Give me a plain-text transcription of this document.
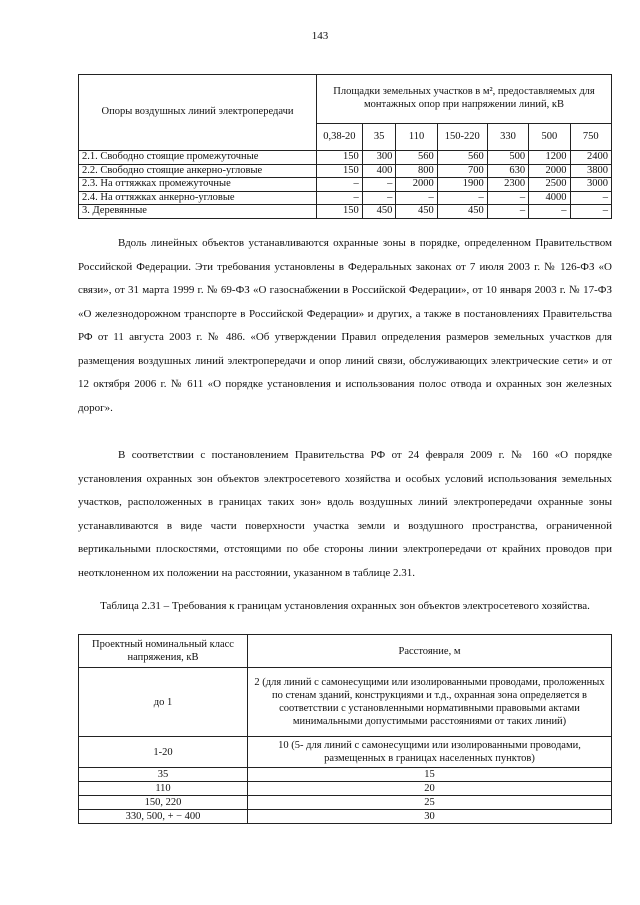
143
Опоры воздушных линий электропередачи	Площадки земельных участков в м², предоставляемых для монтажных опор при напряжении линий, кВ						
	0,38-20	35	110	150-220	330	500	750
2.1. Свободно стоящие промежуточные	150	300	560	560	500	1200	2400
2.2. Свободно стоящие анкерно-угловые	150	400	800	700	630	2000	3800
2.3. На оттяжках промежуточные	–	–	2000	1900	2300	2500	3000
2.4. На оттяжках анкерно-угловые	–	–	–	–	–	4000	–
3. Деревянные	150	450	450	450	–	–	–

Вдоль линейных объектов устанавливаются охранные зоны в порядке, определенном Правительством Российской Федерации. Эти требования установлены в Федеральных законах от 7 июля 2003 г. № 126-ФЗ «О связи», от 31 марта 1999 г. № 69-ФЗ «О газоснабжении в Российской Федерации», от 10 января 2003 г. № 17-ФЗ «О железнодорожном транспорте в Российской Федерации» и других, а также в постановлениях Правительства РФ от 11 августа 2003 г. № 486. «Об утверждении Правил определения размеров земельных участков для размещения воздушных линий электропередачи и опор линий связи, обслуживающих электрические сети» и от 12 октября 2006 г. № 611 «О порядке установления и использования полос отвода и охранных зон железных дорог».

В соответствии с постановлением Правительства РФ от 24 февраля 2009 г. № 160 «О порядке установления охранных зон объектов электросетевого хозяйства и особых условий использования земельных участков, расположенных в границах таких зон» вдоль воздушных линий электропередачи охранные зоны устанавливаются в виде части поверхности участка земли и воздушного пространства, ограниченной вертикальными плоскостями, отстоящими по обе стороны линии электропередачи от крайних проводов при неотклоненном их положении на расстоянии, указанном в таблице 2.31.

Таблица 2.31 – Требования к границам установления охранных зон объектов электросетевого хозяйства.
Проектный номинальный класс напряжения, кВ	Расстояние, м
до 1	2 (для линий с самонесущими или изолированными проводами, проложенных по стенам зданий, конструкциями и т.д., охранная зона определяется в соответствии с установленными нормативными правовыми актами минимальными допустимыми расстояниями от таких линий)
1-20	10 (5- для линий с самонесущими или изолированными проводами, размещенных в границах населенных пунктов)
35	15
110	20
150, 220	25
330, 500, + − 400	30
